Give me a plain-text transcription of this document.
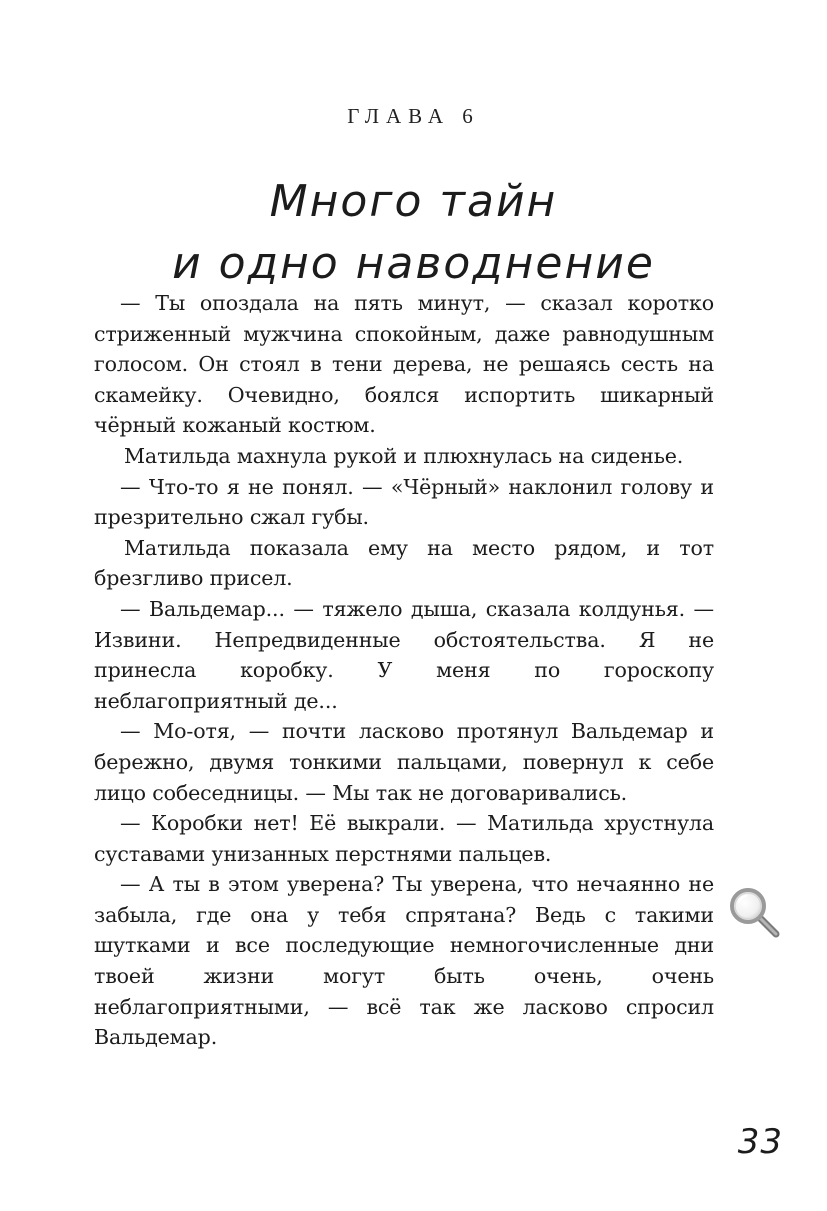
ГЛАВА 6
Много тайн
и одно наводнение

— Ты опоздала на пять минут, — сказал коротко стриженный мужчина спокойным, даже равнодушным голосом. Он стоял в тени дерева, не решаясь сесть на скамейку. Очевидно, боялся испортить шикарный чёрный кожаный костюм.

Матильда махнула рукой и плюхнулась на сиденье.

— Что-то я не понял. — «Чёрный» наклонил голову и презрительно сжал губы.

Матильда показала ему на место рядом, и тот брезгливо присел.

— Вальдемар... — тяжело дыша, сказала колдунья. — Извини. Непредвиденные обстоятельства. Я не принесла коробку. У меня по гороскопу неблагоприятный де...

— Мо-отя, — почти ласково протянул Вальдемар и бережно, двумя тонкими пальцами, повернул к себе лицо собеседницы. — Мы так не договаривались.

— Коробки нет! Её выкрали. — Матильда хрустнула суставами унизанных перстнями пальцев.

— А ты в этом уверена? Ты уверена, что нечаянно не забыла, где она у тебя спрятана? Ведь с такими шутками и все последующие немногочисленные дни твоей жизни могут быть очень, очень неблагоприятными, — всё так же ласково спросил Вальдемар.

33
